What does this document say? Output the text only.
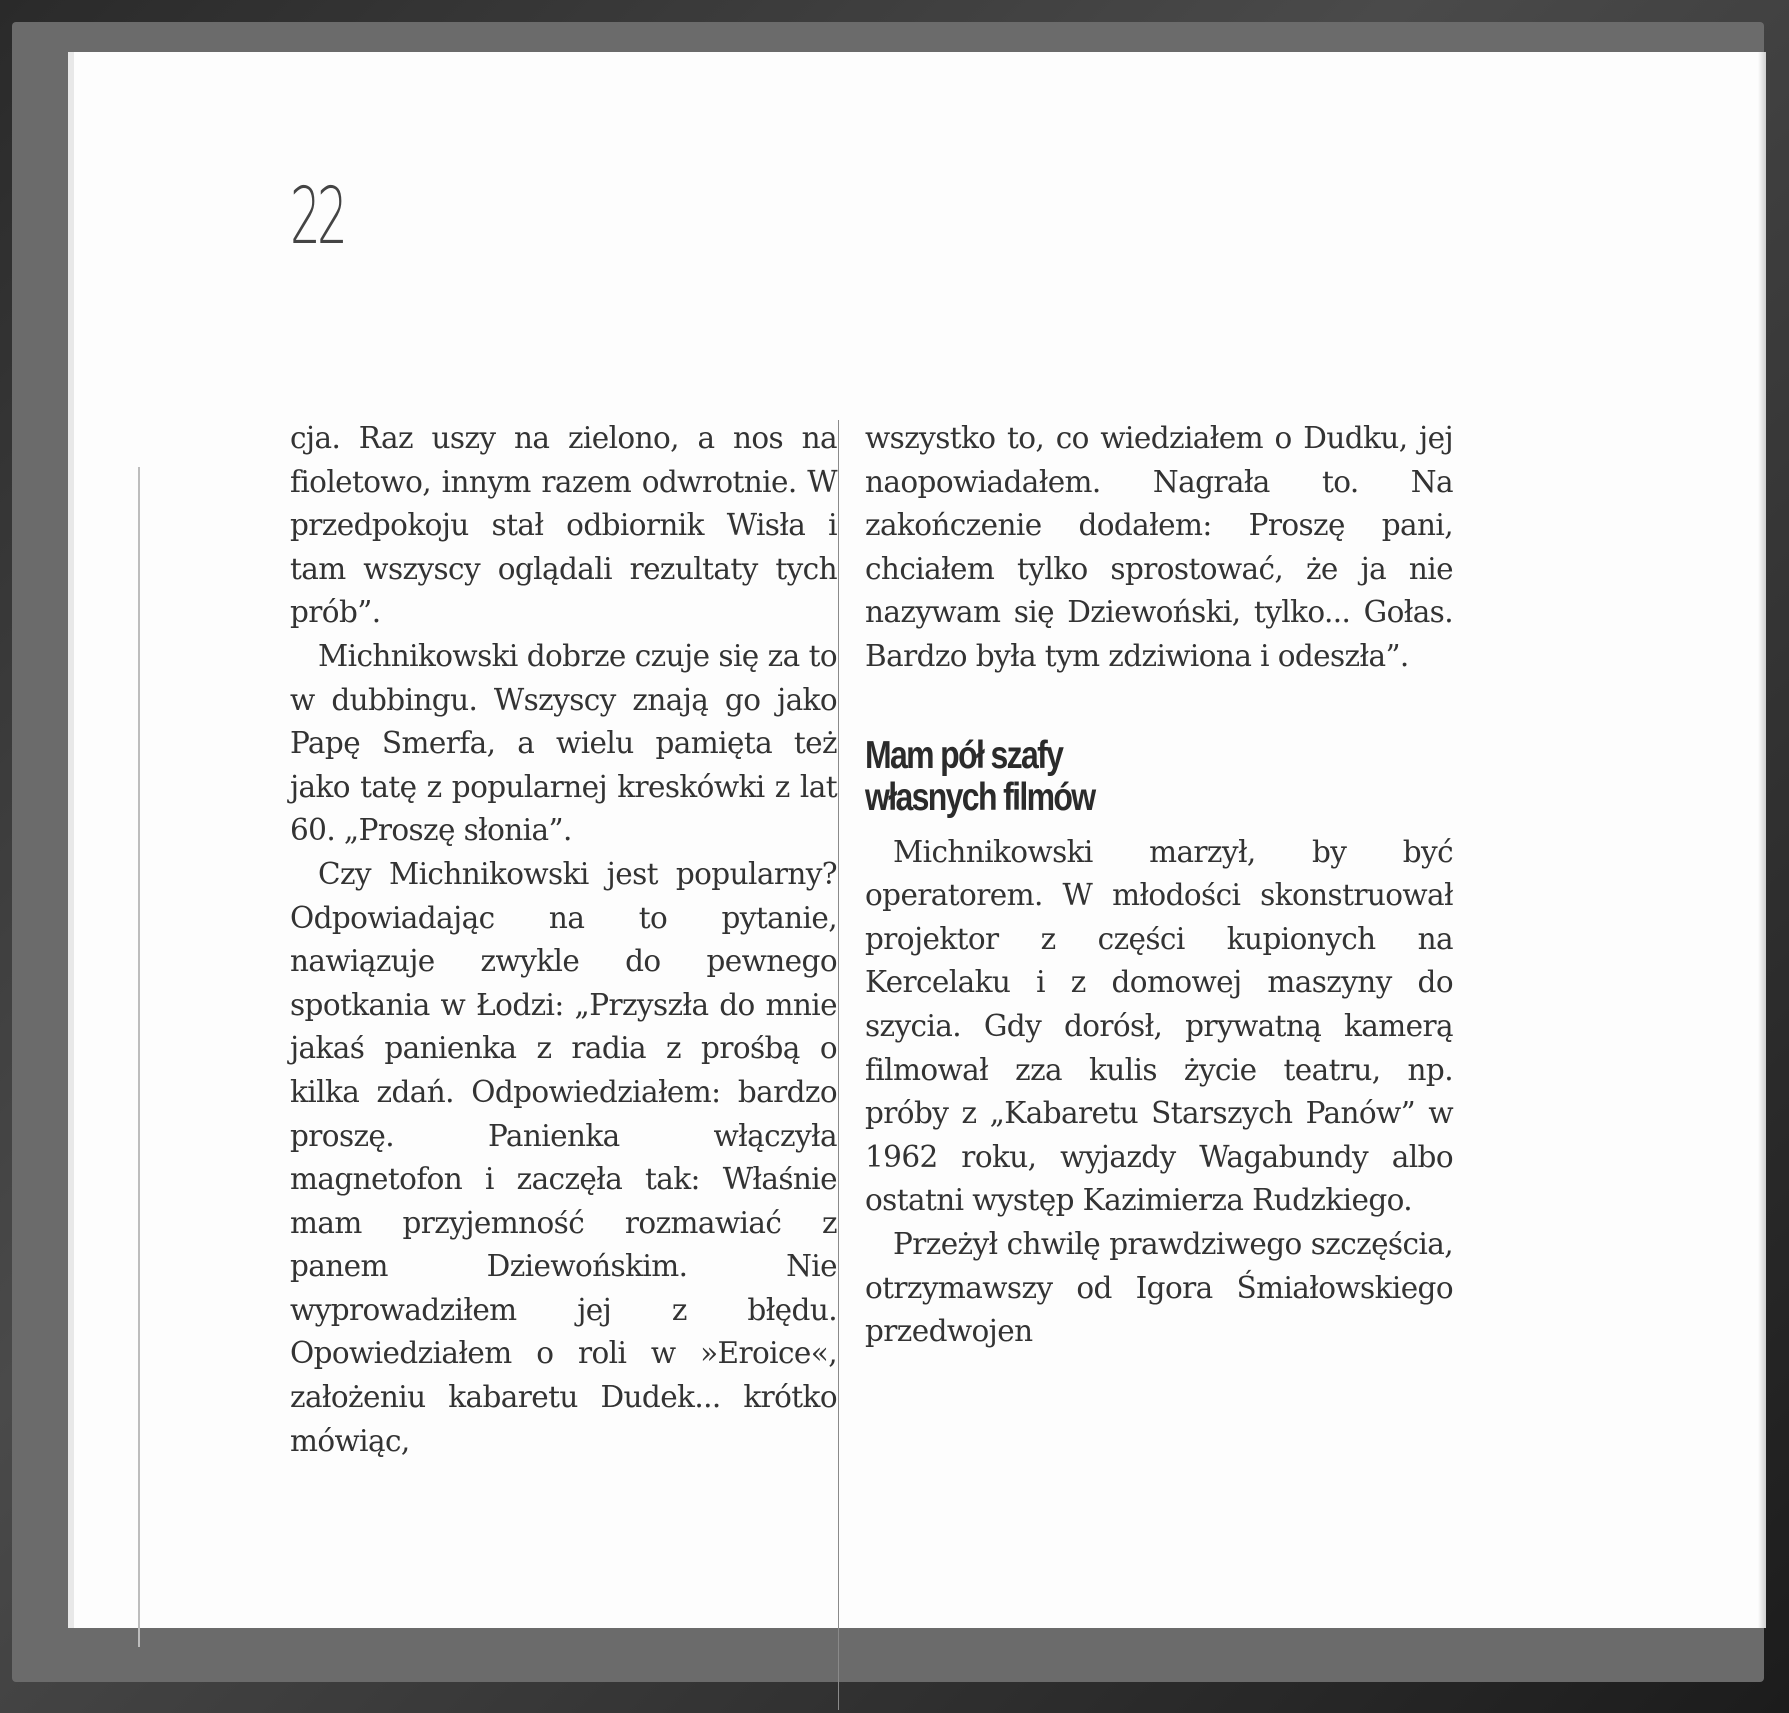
22

cja. Raz uszy na zielono, a nos na fioletowo, innym razem odwrotnie. W przedpokoju stał odbiornik Wisła i tam wszyscy oglądali rezultaty tych prób”.

Michnikowski dobrze czuje się za to w dubbingu. Wszyscy znają go jako Papę Smerfa, a wielu pamięta też jako tatę z popularnej kreskówki z lat 60. „Proszę słonia”.

Czy Michnikowski jest popularny? Odpowiadając na to pytanie, nawiązuje zwykle do pewnego spotkania w Łodzi: „Przyszła do mnie jakaś panienka z radia z prośbą o kilka zdań. Odpowiedziałem: bardzo proszę. Panienka włączyła magnetofon i zaczęła tak: Właśnie mam przyjemność rozmawiać z panem Dziewońskim. Nie wyprowadziłem jej z błędu. Opowiedziałem o roli w »Eroice«, założeniu kabaretu Dudek... krótko mówiąc,

wszystko to, co wiedziałem o Dudku, jej naopowiadałem. Nagrała to. Na zakończenie dodałem: Proszę pani, chciałem tylko sprostować, że ja nie nazywam się Dziewoński, tylko... Gołas. Bardzo była tym zdziwiona i odeszła”.

Mam pół szafy
własnych filmów

Michnikowski marzył, by być operatorem. W młodości skonstruował projektor z części kupionych na Kercelaku i z domowej maszyny do szycia. Gdy dorósł, prywatną kamerą filmował zza kulis życie teatru, np. próby z „Kabaretu Starszych Panów” w 1962 roku, wyjazdy Wagabundy albo ostatni występ Kazimierza Rudzkiego.

Przeżył chwilę prawdziwego szczęścia, otrzymawszy od Igora Śmiałowskiego przedwojen
